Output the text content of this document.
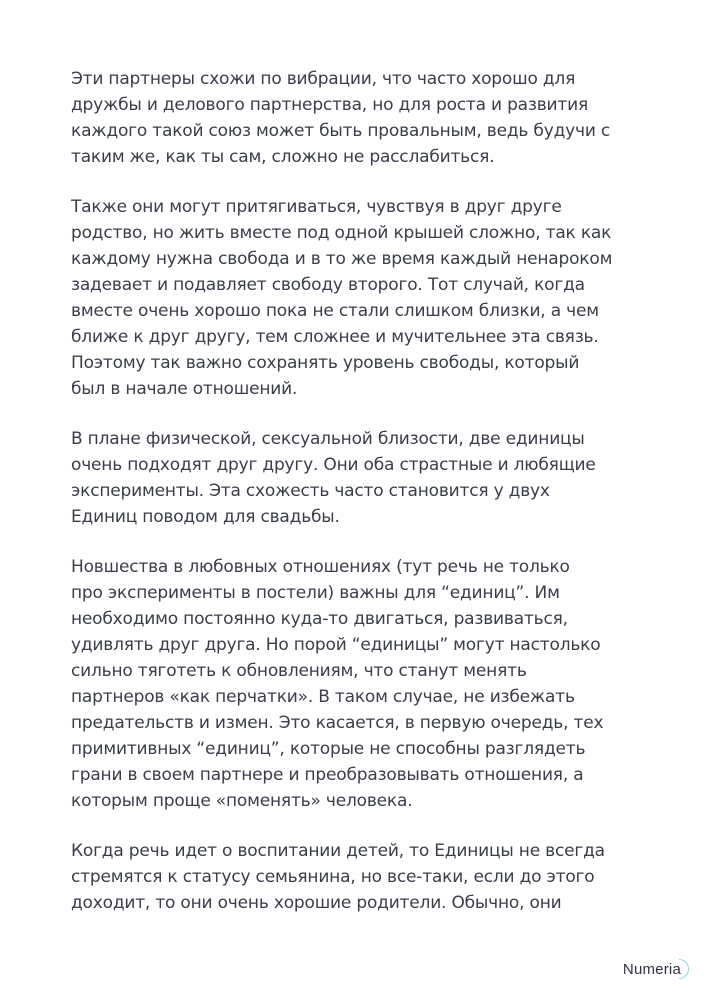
Эти партнеры схожи по вибрации, что часто хорошо для
дружбы и делового партнерства, но для роста и развития
каждого такой союз может быть провальным, ведь будучи с
таким же, как ты сам, сложно не расслабиться.

Также они могут притягиваться, чувствуя в друг друге
родство, но жить вместе под одной крышей сложно, так как
каждому нужна свобода и в то же время каждый ненароком
задевает и подавляет свободу второго. Тот случай, когда
вместе очень хорошо пока не стали слишком близки, а чем
ближе к друг другу, тем сложнее и мучительнее эта связь.
Поэтому так важно сохранять уровень свободы, который
был в начале отношений.

В плане физической, сексуальной близости, две единицы
очень подходят друг другу. Они оба страстные и любящие
эксперименты. Эта схожесть часто становится у двух
Единиц поводом для свадьбы.

Новшества в любовных отношениях (тут речь не только
про эксперименты в постели) важны для “единиц”. Им
необходимо постоянно куда-то двигаться, развиваться,
удивлять друг друга. Но порой “единицы” могут настолько
сильно тяготеть к обновлениям, что станут менять
партнеров «как перчатки». В таком случае, не избежать
предательств и измен. Это касается, в первую очередь, тех
примитивных “единиц”, которые не способны разглядеть
грани в своем партнере и преобразовывать отношения, а
которым проще «поменять» человека.

Когда речь идет о воспитании детей, то Единицы не всегда
стремятся к статусу семьянина, но все-таки, если до этого
доходит, то они очень хорошие родители. Обычно, они

Numeria
